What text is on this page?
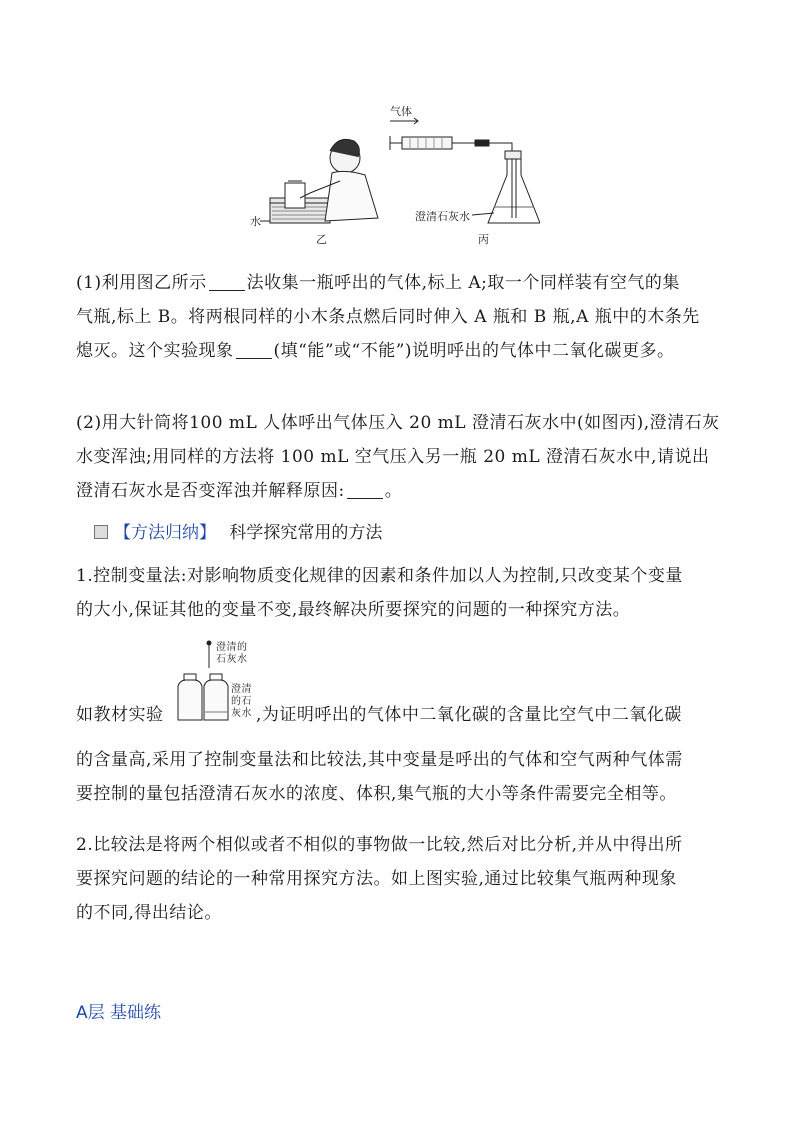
水
乙
气体
澄清石灰水
丙
(1)利用图乙所示 法收集一瓶呼出的气体,标上 A;取一个同样装有空气的集
气瓶,标上 B。将两根同样的小木条点燃后同时伸入 A 瓶和 B 瓶,A 瓶中的木条先
熄灭。这个实验现象 (填“能”或“不能”)说明呼出的气体中二氧化碳更多。
(2)用大针筒将100 mL 人体呼出气体压入 20 mL 澄清石灰水中(如图丙),澄清石灰
水变浑浊;用同样的方法将 100 mL 空气压入另一瓶 20 mL 澄清石灰水中,请说出
澄清石灰水是否变浑浊并解释原因: 。
【方法归纳】 科学探究常用的方法
1.控制变量法:对影响物质变化规律的因素和条件加以人为控制,只改变某个变量
的大小,保证其他的变量不变,最终解决所要探究的问题的一种探究方法。
如教材实验
澄清的
石灰水
澄清
的石
灰水 ,为证明呼出的气体中二氧化碳的含量比空气中二氧化碳
的含量高,采用了控制变量法和比较法,其中变量是呼出的气体和空气两种气体需
要控制的量包括澄清石灰水的浓度、体积,集气瓶的大小等条件需要完全相等。
2.比较法是将两个相似或者不相似的事物做一比较,然后对比分析,并从中得出所
要探究问题的结论的一种常用探究方法。如上图实验,通过比较集气瓶两种现象
的不同,得出结论。
A层 基础练
